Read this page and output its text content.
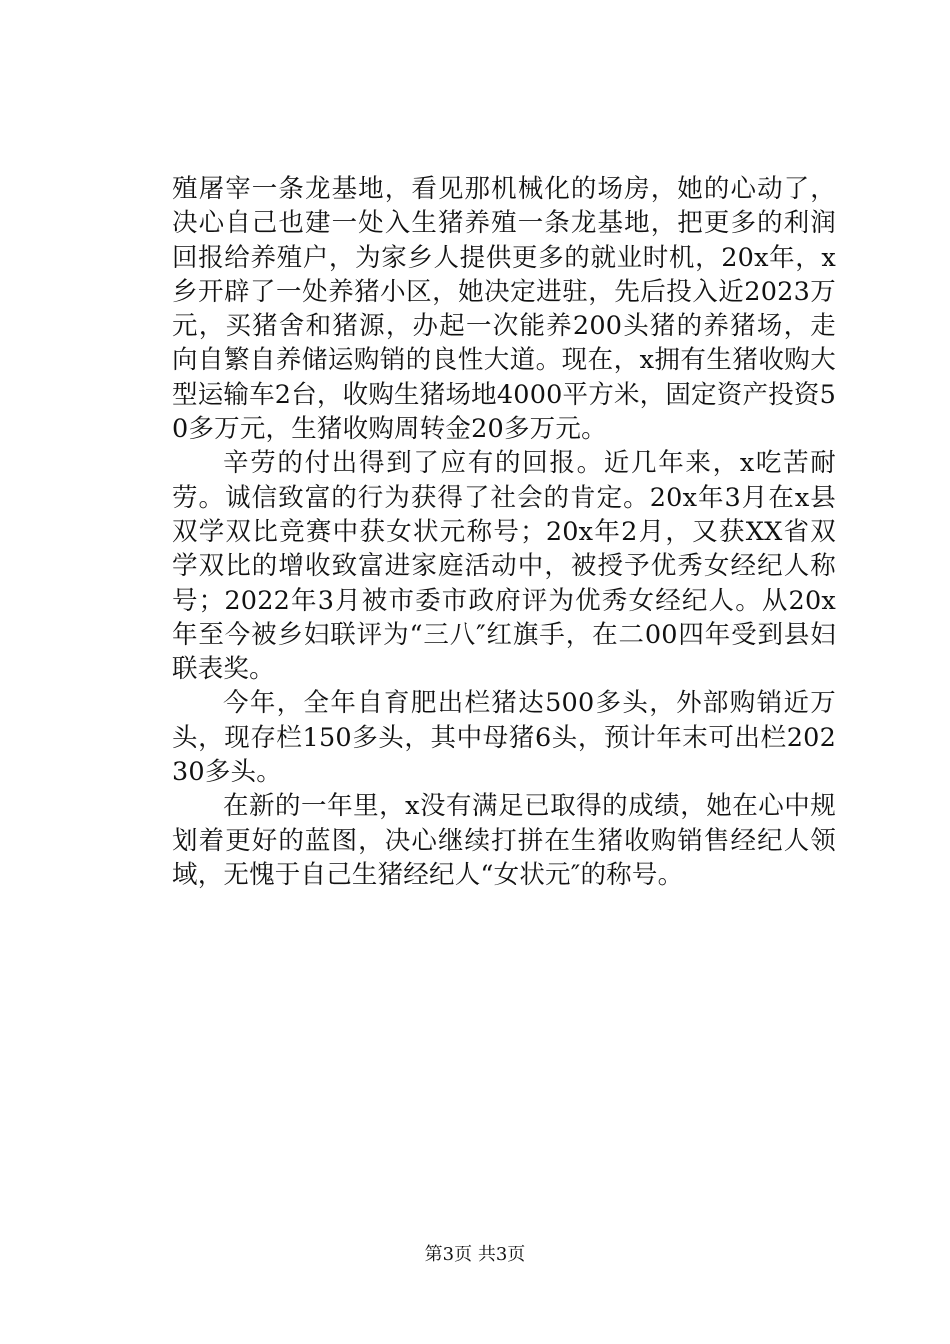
殖屠宰一条龙基地，看见那机械化的场房，她的心动了，决心自己也建一处入生猪养殖一条龙基地，把更多的利润回报给养殖户，为家乡人提供更多的就业时机，20x年，x乡开辟了一处养猪小区，她决定进驻，先后投入近2023万元，买猪舍和猪源，办起一次能养200头猪的养猪场，走向自繁自养储运购销的良性大道。现在，x拥有生猪收购大型运输车2台，收购生猪场地4000平方米，固定资产投资50多万元，生猪收购周转金20多万元。

辛劳的付出得到了应有的回报。近几年来，x吃苦耐劳。诚信致富的行为获得了社会的肯定。20x年3月在x县双学双比竞赛中获女状元称号；20x年2月，又获XX省双学双比的增收致富进家庭活动中，被授予优秀女经纪人称号；2022年3月被市委市政府评为优秀女经纪人。从20x年至今被乡妇联评为“三八″红旗手，在二00四年受到县妇联表奖。

今年，全年自育肥出栏猪达500多头，外部购销近万头，现存栏150多头，其中母猪6头，预计年末可出栏20230多头。

在新的一年里，x没有满足已取得的成绩，她在心中规划着更好的蓝图，决心继续打拼在生猪收购销售经纪人领域，无愧于自己生猪经纪人“女状元″的称号。

第3页 共3页
